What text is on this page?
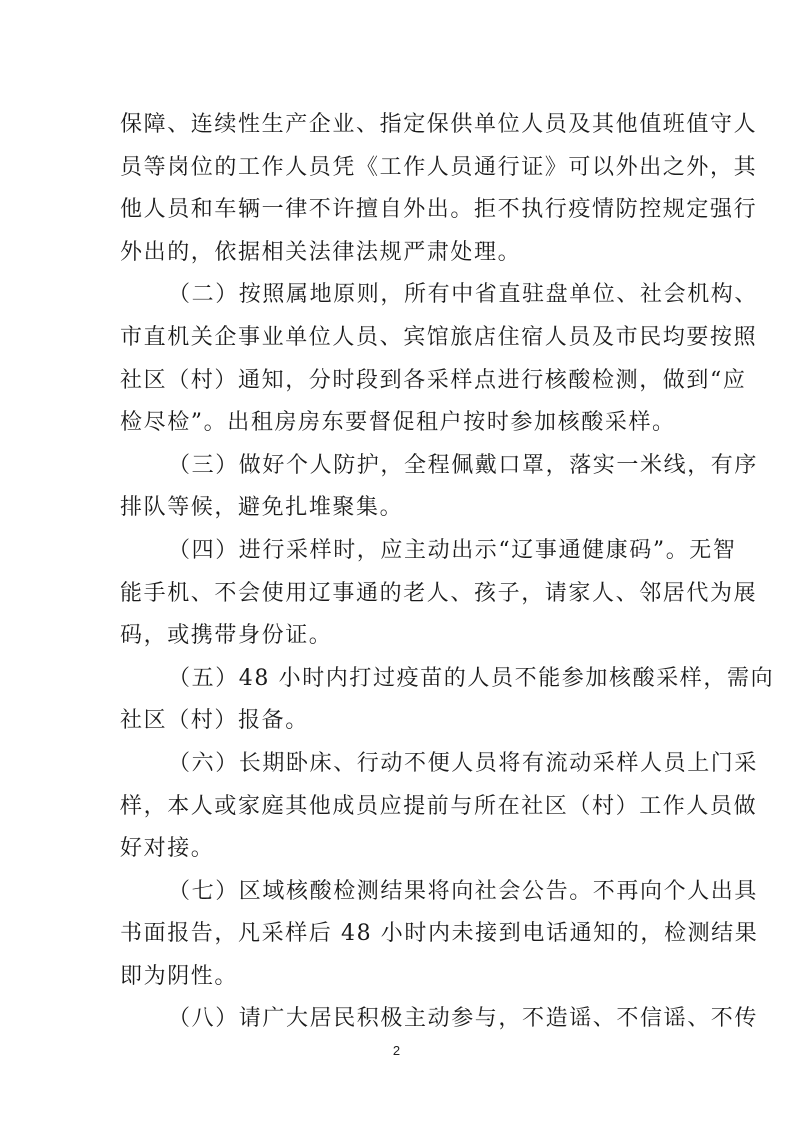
保障、连续性生产企业、指定保供单位人员及其他值班值守人
员等岗位的工作人员凭《工作人员通行证》可以外出之外，其
他人员和车辆一律不许擅自外出。拒不执行疫情防控规定强行
外出的，依据相关法律法规严肃处理。
（二）按照属地原则，所有中省直驻盘单位、社会机构、
市直机关企事业单位人员、宾馆旅店住宿人员及市民均要按照
社区（村）通知，分时段到各采样点进行核酸检测，做到“应
检尽检”。出租房房东要督促租户按时参加核酸采样。
（三）做好个人防护，全程佩戴口罩，落实一米线，有序
排队等候，避免扎堆聚集。
（四）进行采样时，应主动出示“辽事通健康码”。无智
能手机、不会使用辽事通的老人、孩子，请家人、邻居代为展
码，或携带身份证。
（五）48 小时内打过疫苗的人员不能参加核酸采样，需向
社区（村）报备。
（六）长期卧床、行动不便人员将有流动采样人员上门采
样，本人或家庭其他成员应提前与所在社区（村）工作人员做
好对接。
（七）区域核酸检测结果将向社会公告。不再向个人出具
书面报告，凡采样后 48 小时内未接到电话通知的，检测结果
即为阴性。
（八）请广大居民积极主动参与，不造谣、不信谣、不传
2
